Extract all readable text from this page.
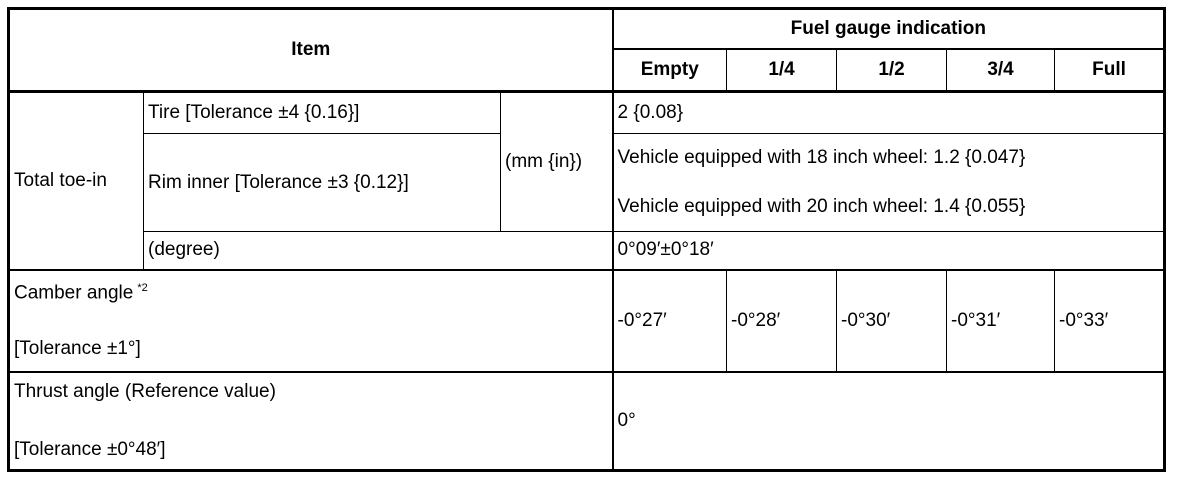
Item			Fuel gauge indication				
			Empty	1/4	1/2	3/4	Full
Total toe-in	Tire [Tolerance ±4 {0.16}]	(mm {in})	2 {0.08}				
	Rim inner [Tolerance ±3 {0.12}]		Vehicle equipped with 18 inch wheel: 1.2 {0.047}
Vehicle equipped with 20 inch wheel: 1.4 {0.055}				

	(degree)		0°09′±0°18′				

Camber angle $^{*2}$
[Tolerance ±1°]			-0°27′	-0°28′	-0°30′	-0°31′	-0°33′

Thrust angle (Reference value)
[Tolerance ±0°48′]			0°				
